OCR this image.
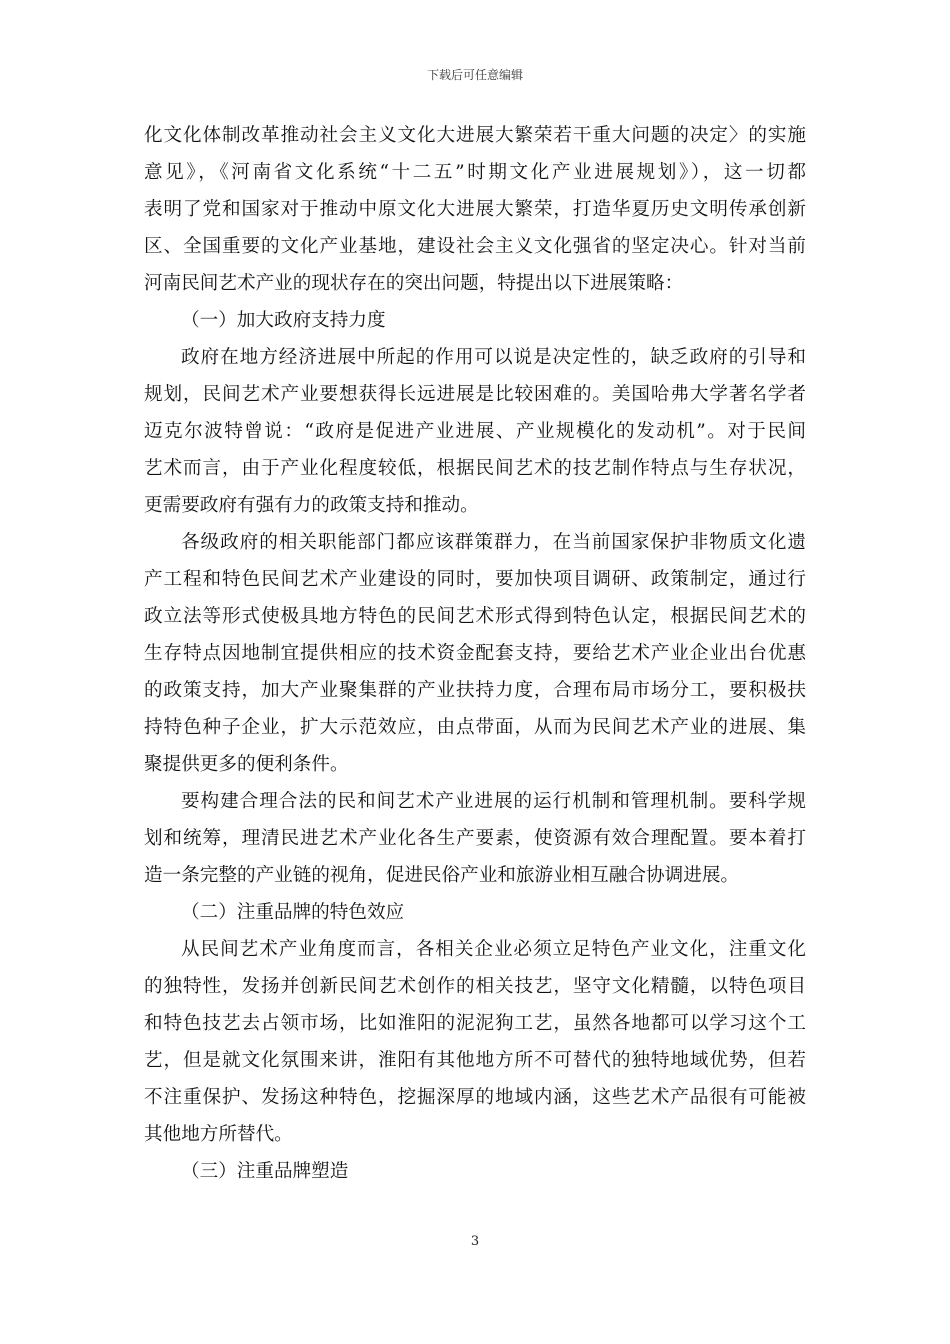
下载后可任意编辑
化文化体制改革推动社会主义文化大进展大繁荣若干重大问题的决定〉的实施
意见》，《河南省文化系统“十二五”时期文化产业进展规划》），这一切都
表明了党和国家对于推动中原文化大进展大繁荣，打造华夏历史文明传承创新
区、全国重要的文化产业基地，建设社会主义文化强省的坚定决心。针对当前
河南民间艺术产业的现状存在的突出问题，特提出以下进展策略：
（一）加大政府支持力度
政府在地方经济进展中所起的作用可以说是决定性的，缺乏政府的引导和
规划，民间艺术产业要想获得长远进展是比较困难的。美国哈弗大学著名学者
迈克尔波特曾说：“政府是促进产业进展、产业规模化的发动机”。对于民间
艺术而言，由于产业化程度较低，根据民间艺术的技艺制作特点与生存状况，
更需要政府有强有力的政策支持和推动。
各级政府的相关职能部门都应该群策群力，在当前国家保护非物质文化遗
产工程和特色民间艺术产业建设的同时，要加快项目调研、政策制定，通过行
政立法等形式使极具地方特色的民间艺术形式得到特色认定，根据民间艺术的
生存特点因地制宜提供相应的技术资金配套支持，要给艺术产业企业出台优惠
的政策支持，加大产业聚集群的产业扶持力度，合理布局市场分工，要积极扶
持特色种子企业，扩大示范效应，由点带面，从而为民间艺术产业的进展、集
聚提供更多的便利条件。
要构建合理合法的民和间艺术产业进展的运行机制和管理机制。要科学规
划和统筹，理清民进艺术产业化各生产要素，使资源有效合理配置。要本着打
造一条完整的产业链的视角，促进民俗产业和旅游业相互融合协调进展。
（二）注重品牌的特色效应
从民间艺术产业角度而言，各相关企业必须立足特色产业文化，注重文化
的独特性，发扬并创新民间艺术创作的相关技艺，坚守文化精髓，以特色项目
和特色技艺去占领市场，比如淮阳的泥泥狗工艺，虽然各地都可以学习这个工
艺，但是就文化氛围来讲，淮阳有其他地方所不可替代的独特地域优势，但若
不注重保护、发扬这种特色，挖掘深厚的地域内涵，这些艺术产品很有可能被
其他地方所替代。
（三）注重品牌塑造
3
